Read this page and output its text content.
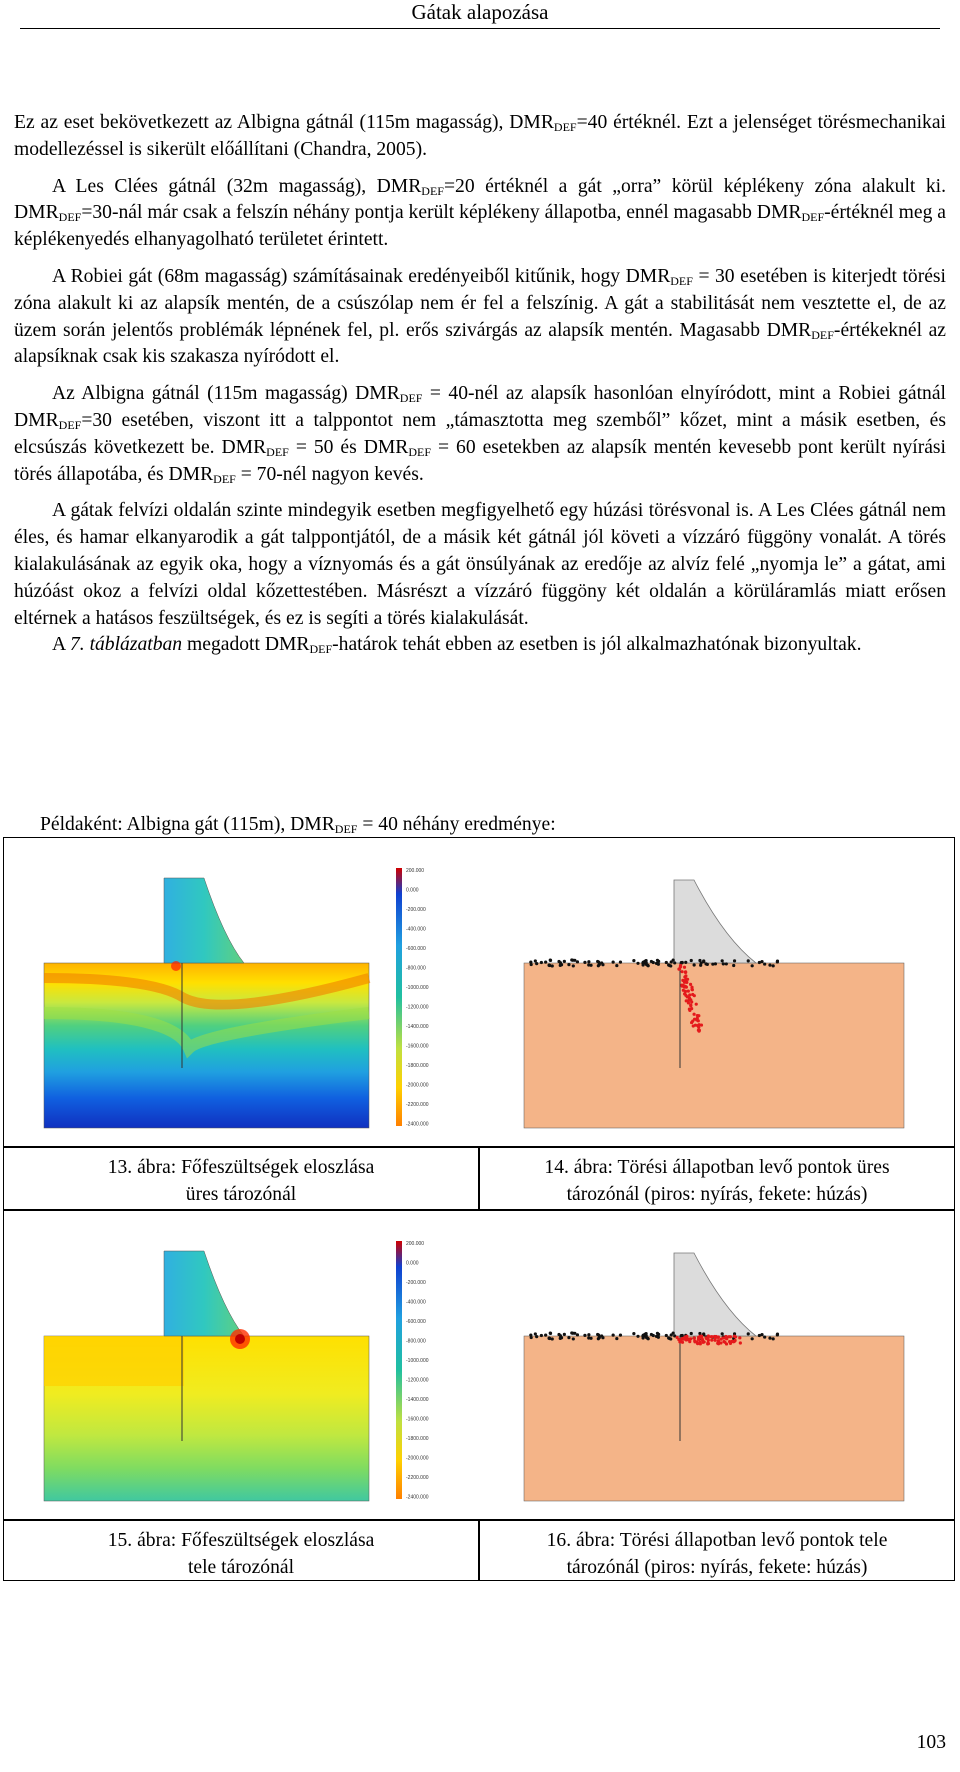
Gátak alapozása

Ez az eset bekövetkezett az Albigna gátnál (115m magasság), $DMR_{DEF}=40$ értéknél. Ezt a jelenséget törésmechanikai modellezéssel is sikerült előállítani (Chandra, 2005).

A Les Clées gátnál (32m magasság), $DMR_{DEF}=20$ értéknél a gát „orra” körül képlékeny zóna alakult ki. $DMR_{DEF}=30$-nál már csak a felszín néhány pontja került képlékeny állapotba, ennél magasabb $DMR_{DEF}$-értéknél meg a képlékenyedés elhanyagolható területet érintett.

A Robiei gát (68m magasság) számításainak eredényeiből kitűnik, hogy $DMR_{DEF} = 30$ esetében is kiterjedt törési zóna alakult ki az alapsík mentén, de a csúszólap nem ér fel a felszínig. A gát a stabilitását nem vesztette el, de az üzem során jelentős problémák lépnének fel, pl. erős szivárgás az alapsík mentén. Magasabb $DMR_{DEF}$-értékeknél az alapsíknak csak kis szakasza nyíródott el.

Az Albigna gátnál (115m magasság) $DMR_{DEF}$ = 40-nél az alapsík hasonlóan elnyíródott, mint a Robiei gátnál $DMR_{DEF}=30$ esetében, viszont itt a talppontot nem „támasztotta meg szemből” kőzet, mint a másik esetben, és elcsúszás következett be. $DMR_{DEF} = 50$ és $DMR_{DEF} = 60$ esetekben az alapsík mentén kevesebb pont került nyírási törés állapotába, és $DMR_{DEF}$ = 70-nél nagyon kevés.

A gátak felvízi oldalán szinte mindegyik esetben megfigyelhető egy húzási törésvonal is. A Les Clées gátnál nem éles, és hamar elkanyarodik a gát talppontjától, de a másik két gátnál jól követi a vízzáró függöny vonalát. A törés kialakulásának az egyik oka, hogy a víznyomás és a gát önsúlyának az eredője az alvíz felé „nyomja le” a gátat, ami húzóást okoz a felvízi oldal kőzettestében. Másrészt a vízzáró függöny két oldalán a körüláramlás miatt erősen eltérnek a hatásos feszültségek, és ez is segíti a törés kialakulását.

A 7. táblázatban megadott $DMR_{DEF}$-határok tehát ebben az esetben is jól alkalmazhatónak bizonyultak.

Példaként: Albigna gát (115m), $DMR_{DEF} = 40$ néhány eredménye:
200.000
0.000
-200.000
-400.000
-600.000
-800.000
-1000.000
-1200.000
-1400.000
-1600.000
-1800.000
-2000.000
-2200.000
-2400.000
13. ábra: Főfeszültségek eloszlása
üres tározónál
14. ábra: Törési állapotban levő pontok üres
tározónál (piros: nyírás, fekete: húzás)
200.000
0.000
-200.000
-400.000
-600.000
-800.000
-1000.000
-1200.000
-1400.000
-1600.000
-1800.000
-2000.000
-2200.000
-2400.000
15. ábra: Főfeszültségek eloszlása
tele tározónál
16. ábra: Törési állapotban levő pontok tele
tározónál (piros: nyírás, fekete: húzás)
103
